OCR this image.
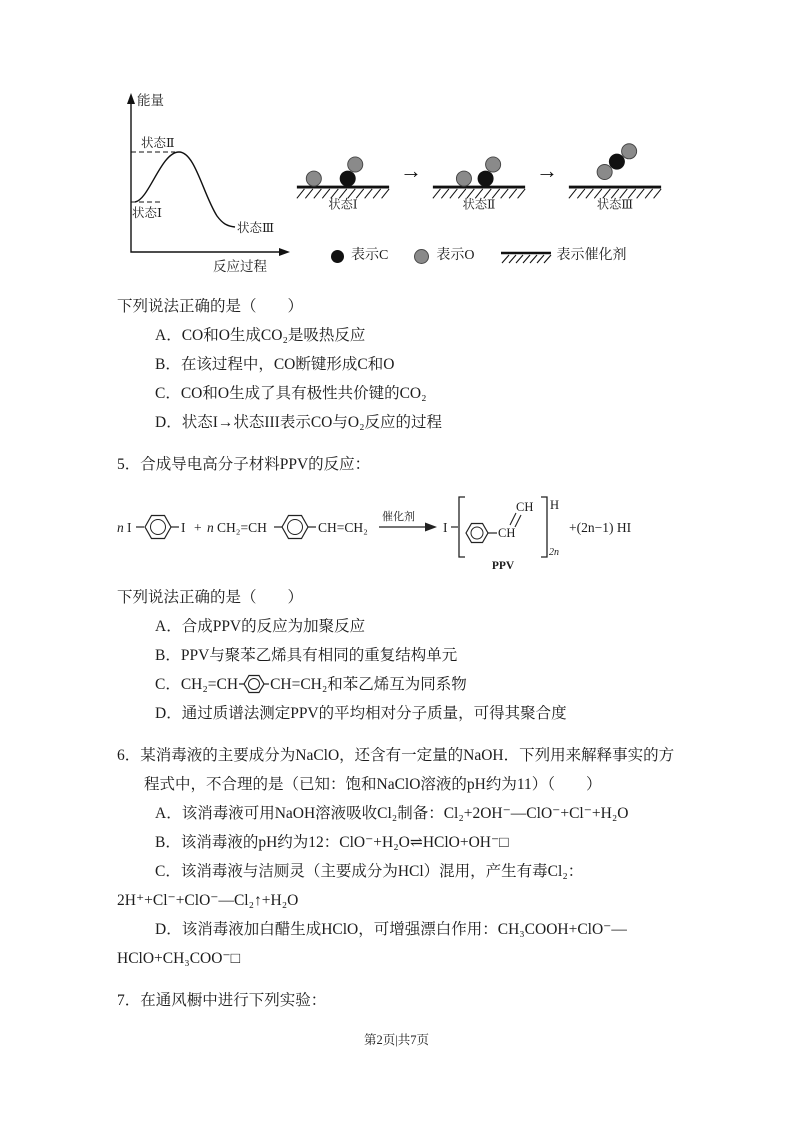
能量
状态Ⅱ
状态Ⅰ
状态Ⅲ
反应过程
状态Ⅰ
→
状态Ⅱ
→
状态Ⅲ
表示C	表示O	表示催化剂

下列说法正确的是（　　）

A．CO和O生成CO₂是吸热反应

B．在该过程中，CO断键形成C和O

C．CO和O生成了具有极性共价键的CO₂

D．状态I→状态III表示CO与O₂反应的过程

5．合成导电高分子材料PPV的反应：

n I	I + n CH₂=CH	CH=CH₂
催化剂
I	CH
CH
2n
H
+(2n−1) HI
PPV

下列说法正确的是（　　）

A．合成PPV的反应为加聚反应

B．PPV与聚苯乙烯具有相同的重复结构单元

C．CH₂=CH CH=CH₂和苯乙烯互为同系物

D．通过质谱法测定PPV的平均相对分子质量，可得其聚合度

6．某消毒液的主要成分为NaClO，还含有一定量的NaOH．下列用来解释事实的方程式中，不合理的是（已知：饱和NaClO溶液的pH约为11）（　　）

A．该消毒液可用NaOH溶液吸收Cl₂制备：Cl₂+2OH⁻—ClO⁻+Cl⁻+H₂O

B．该消毒液的pH约为12：ClO⁻+H₂O⇌HClO+OH⁻□

C．该消毒液与洁厕灵（主要成分为HCl）混用，产生有毒Cl₂：2H⁺+Cl⁻+ClO⁻—Cl₂↑+H₂O

D．该消毒液加白醋生成HClO，可增强漂白作用：CH₃COOH+ClO⁻—HClO+CH₃COO⁻□

7．在通风橱中进行下列实验：

第2页|共7页
